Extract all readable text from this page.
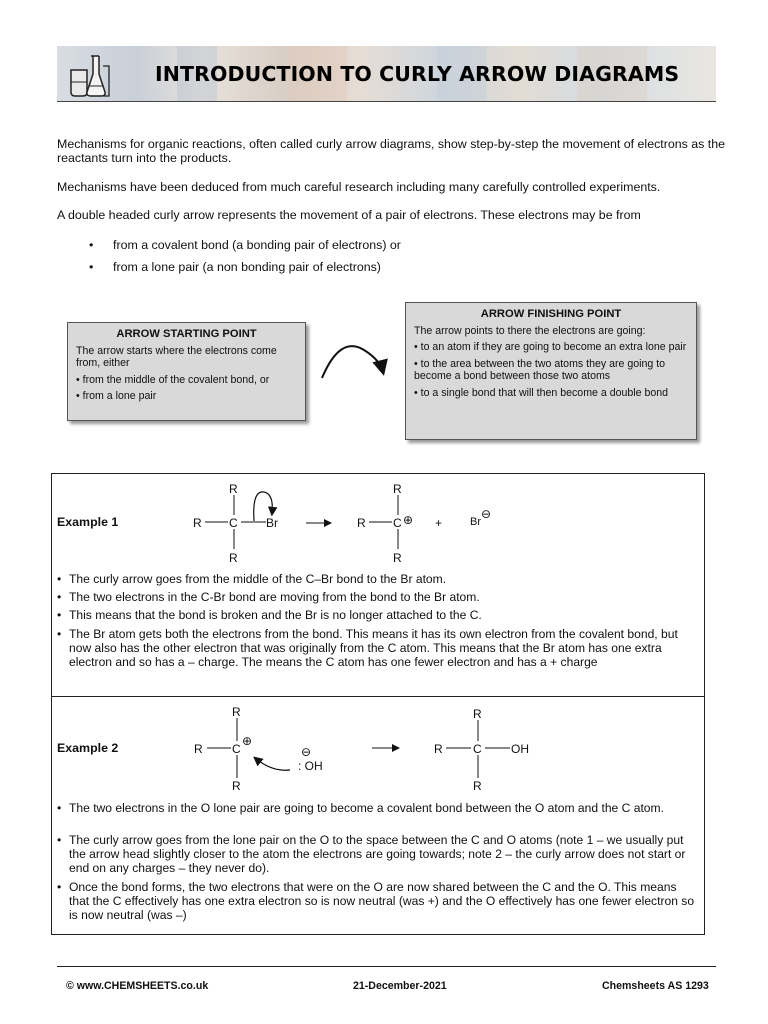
INTRODUCTION TO CURLY ARROW DIAGRAMS
Mechanisms for organic reactions, often called curly arrow diagrams, show step-by-step the movement of electrons as the reactants turn into the products.
Mechanisms have been deduced from much careful research including many carefully controlled experiments.
A double headed curly arrow represents the movement of a pair of electrons. These electrons may be from
• from a covalent bond (a bonding pair of electrons) or
• from a lone pair (a non bonding pair of electrons)
ARROW STARTING POINT
The arrow starts where the electrons come from, either
• from the middle of the covalent bond, or
• from a lone pair
ARROW FINISHING POINT
The arrow points to there the electrons are going:
• to an atom if they are going to become an extra lone pair
• to the area between the two atoms they are going to become a bond between those two atoms
• to a single bond that will then become a double bond
Example 1
R
R C Br
R
R
R C ⊕
R
+	Br
⊖
• The curly arrow goes from the middle of the C–Br bond to the Br atom.
• The two electrons in the C-Br bond are moving from the bond to the Br atom.
• This means that the bond is broken and the Br is no longer attached to the C.
• The Br atom gets both the electrons from the bond. This means it has its own electron from the covalent bond, but now also has the other electron that was originally from the C atom. This means that the Br atom has one extra electron and so has a – charge. The means the C atom has one fewer electron and has a + charge
Example 2
R
R C
⊕
R
⊖
: OH
R
R	C OH
R
• The two electrons in the O lone pair are going to become a covalent bond between the O atom and the C atom.
• The curly arrow goes from the lone pair on the O to the space between the C and O atoms (note 1 – we usually put the arrow head slightly closer to the atom the electrons are going towards; note 2 – the curly arrow does not start or end on any charges – they never do).
• Once the bond forms, the two electrons that were on the O are now shared between the C and the O. This means that the C effectively has one extra electron so is now neutral (was +) and the O effectively has one fewer electron so is now neutral (was –)
© www.CHEMSHEETS.co.uk	21-December-2021	Chemsheets AS 1293
